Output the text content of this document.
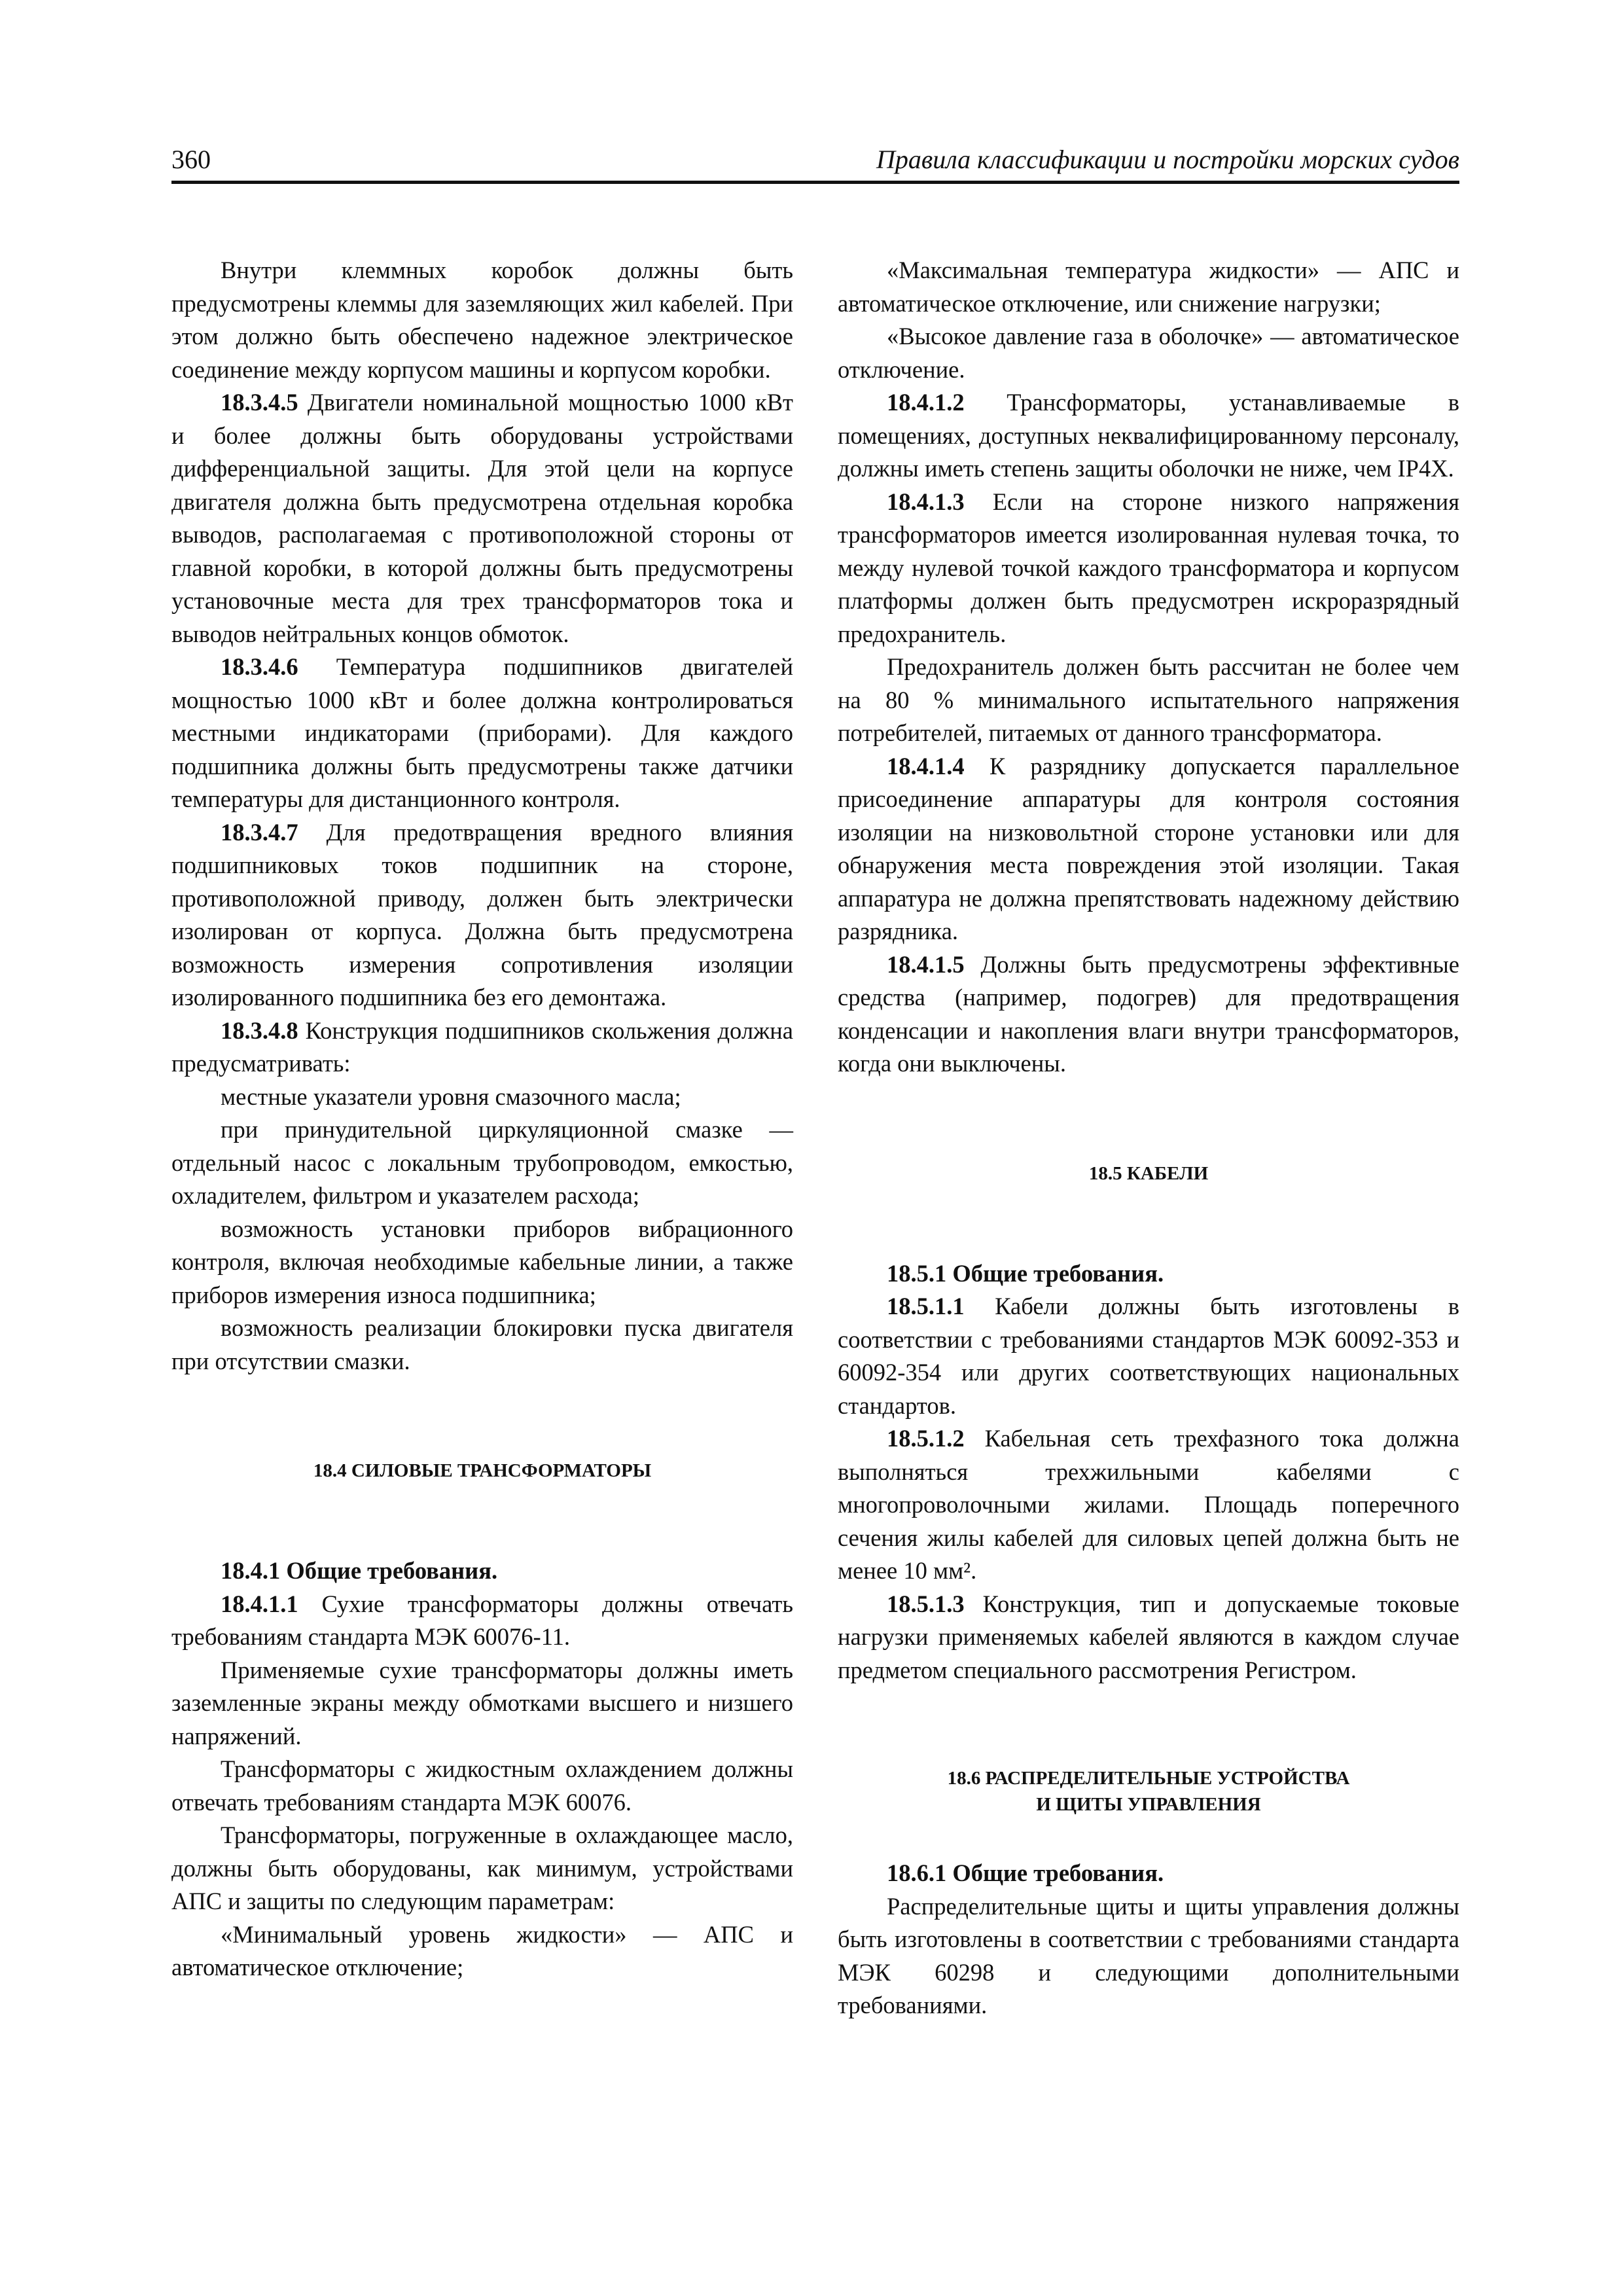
360	Правила классификации и постройки морских судов

Внутри клеммных коробок должны быть предусмотрены клеммы для заземляющих жил кабелей. При этом должно быть обеспечено надежное электрическое соединение между корпусом машины и корпусом коробки.

18.3.4.5 Двигатели номинальной мощностью 1000 кВт и более должны быть оборудованы устройствами дифференциальной защиты. Для этой цели на корпусе двигателя должна быть предусмотрена отдельная коробка выводов, располагаемая с противоположной стороны от главной коробки, в которой должны быть предусмотрены установочные места для трех трансформаторов тока и выводов нейтральных концов обмоток.

18.3.4.6 Температура подшипников двигателей мощностью 1000 кВт и более должна контролироваться местными индикаторами (приборами). Для каждого подшипника должны быть предусмотрены также датчики температуры для дистанционного контроля.

18.3.4.7 Для предотвращения вредного влияния подшипниковых токов подшипник на стороне, противоположной приводу, должен быть электрически изолирован от корпуса. Должна быть предусмотрена возможность измерения сопротивления изоляции изолированного подшипника без его демонтажа.

18.3.4.8 Конструкция подшипников скольжения должна предусматривать:

местные указатели уровня смазочного масла;

при принудительной циркуляционной смазке — отдельный насос с локальным трубопроводом, емкостью, охладителем, фильтром и указателем расхода;

возможность установки приборов вибрационного контроля, включая необходимые кабельные линии, а также приборов измерения износа подшипника;

возможность реализации блокировки пуска двигателя при отсутствии смазки.

18.4 СИЛОВЫЕ ТРАНСФОРМАТОРЫ

18.4.1 Общие требования.

18.4.1.1 Сухие трансформаторы должны отвечать требованиям стандарта МЭК 60076-11.

Применяемые сухие трансформаторы должны иметь заземленные экраны между обмотками высшего и низшего напряжений.

Трансформаторы с жидкостным охлаждением должны отвечать требованиям стандарта МЭК 60076.

Трансформаторы, погруженные в охлаждающее масло, должны быть оборудованы, как минимум, устройствами АПС и защиты по следующим параметрам:

«Минимальный уровень жидкости» — АПС и автоматическое отключение;

«Максимальная температура жидкости» — АПС и автоматическое отключение, или снижение нагрузки;

«Высокое давление газа в оболочке» — автоматическое отключение.

18.4.1.2 Трансформаторы, устанавливаемые в помещениях, доступных неквалифицированному персоналу, должны иметь степень защиты оболочки не ниже, чем IP4X.

18.4.1.3 Если на стороне низкого напряжения трансформаторов имеется изолированная нулевая точка, то между нулевой точкой каждого трансформатора и корпусом платформы должен быть предусмотрен искроразрядный предохранитель.

Предохранитель должен быть рассчитан не более чем на 80 % минимального испытательного напряжения потребителей, питаемых от данного трансформатора.

18.4.1.4 К разряднику допускается параллельное присоединение аппаратуры для контроля состояния изоляции на низковольтной стороне установки или для обнаружения места повреждения этой изоляции. Такая аппаратура не должна препятствовать надежному действию разрядника.

18.4.1.5 Должны быть предусмотрены эффективные средства (например, подогрев) для предотвращения конденсации и накопления влаги внутри трансформаторов, когда они выключены.

18.5 КАБЕЛИ

18.5.1 Общие требования.

18.5.1.1 Кабели должны быть изготовлены в соответствии с требованиями стандартов МЭК 60092-353 и 60092-354 или других соответствующих национальных стандартов.

18.5.1.2 Кабельная сеть трехфазного тока должна выполняться трехжильными кабелями с многопроволочными жилами. Площадь поперечного сечения жилы кабелей для силовых цепей должна быть не менее 10 мм².

18.5.1.3 Конструкция, тип и допускаемые токовые нагрузки применяемых кабелей являются в каждом случае предметом специального рассмотрения Регистром.

18.6 РАСПРЕДЕЛИТЕЛЬНЫЕ УСТРОЙСТВА

И ЩИТЫ УПРАВЛЕНИЯ

18.6.1 Общие требования.

Распределительные щиты и щиты управления должны быть изготовлены в соответствии с требованиями стандарта МЭК 60298 и следующими дополнительными требованиями.
